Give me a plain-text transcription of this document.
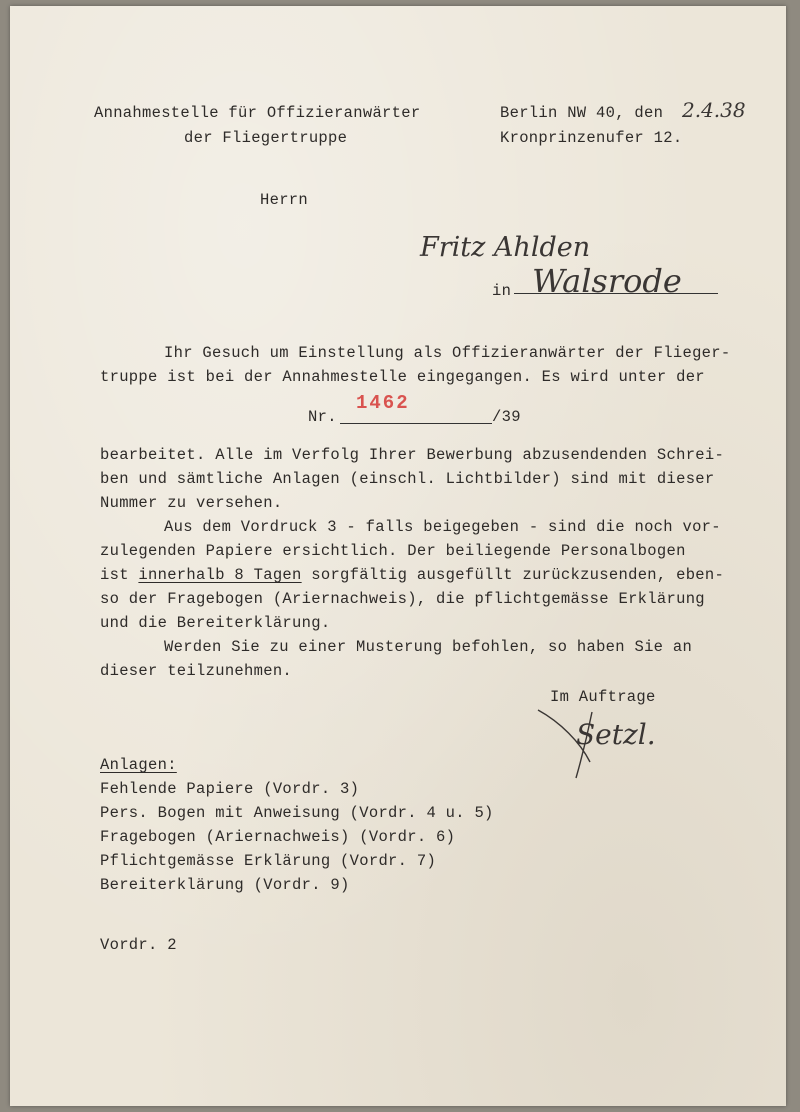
Annahmestelle für Offizieranwärter
der Fliegertruppe
Berlin NW 40, den 2.4.38
Kronprinzenufer 12.
Herrn
Fritz Ahlden
in Walsrode
Ihr Gesuch um Einstellung als Offizieranwärter der Flieger-
truppe ist bei der Annahmestelle eingegangen. Es wird unter der
Nr.
1462
/39
bearbeitet. Alle im Verfolg Ihrer Bewerbung abzusendenden Schrei-
ben und sämtliche Anlagen (einschl. Lichtbilder) sind mit dieser
Nummer zu versehen.
Aus dem Vordruck 3 - falls beigegeben - sind die noch vor-
zulegenden Papiere ersichtlich. Der beiliegende Personalbogen
ist innerhalb 8 Tagen sorgfältig ausgefüllt zurückzusenden, eben-
so der Fragebogen (Ariernachweis), die pflichtgemässe Erklärung
und die Bereiterklärung.
Werden Sie zu einer Musterung befohlen, so haben Sie an
dieser teilzunehmen.
Im Auftrage
Setzl.
Anlagen:
Fehlende Papiere (Vordr. 3)
Pers. Bogen mit Anweisung (Vordr. 4 u. 5)
Fragebogen (Ariernachweis) (Vordr. 6)
Pflichtgemässe Erklärung (Vordr. 7)
Bereiterklärung (Vordr. 9)
Vordr. 2
